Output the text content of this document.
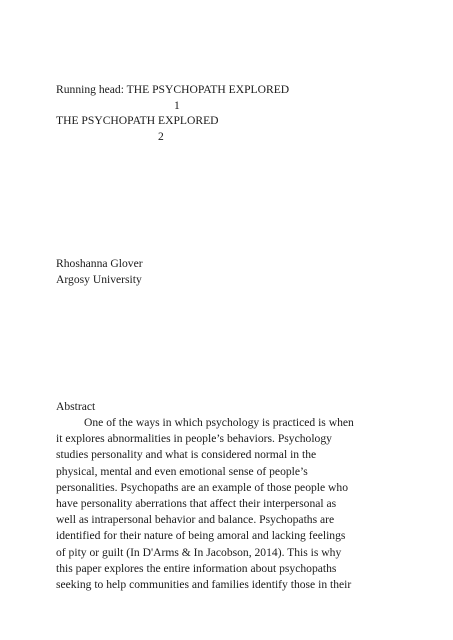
Running head: THE PSYCHOPATH EXPLORED
1
THE PSYCHOPATH EXPLORED
2
Rhoshanna Glover
Argosy University
Abstract
One of the ways in which psychology is practiced is when
it explores abnormalities in people’s behaviors. Psychology
studies personality and what is considered normal in the
physical, mental and even emotional sense of people’s
personalities. Psychopaths are an example of those people who
have personality aberrations that affect their interpersonal as
well as intrapersonal behavior and balance. Psychopaths are
identified for their nature of being amoral and lacking feelings
of pity or guilt (In D'Arms & In Jacobson, 2014). This is why
this paper explores the entire information about psychopaths
seeking to help communities and families identify those in their
